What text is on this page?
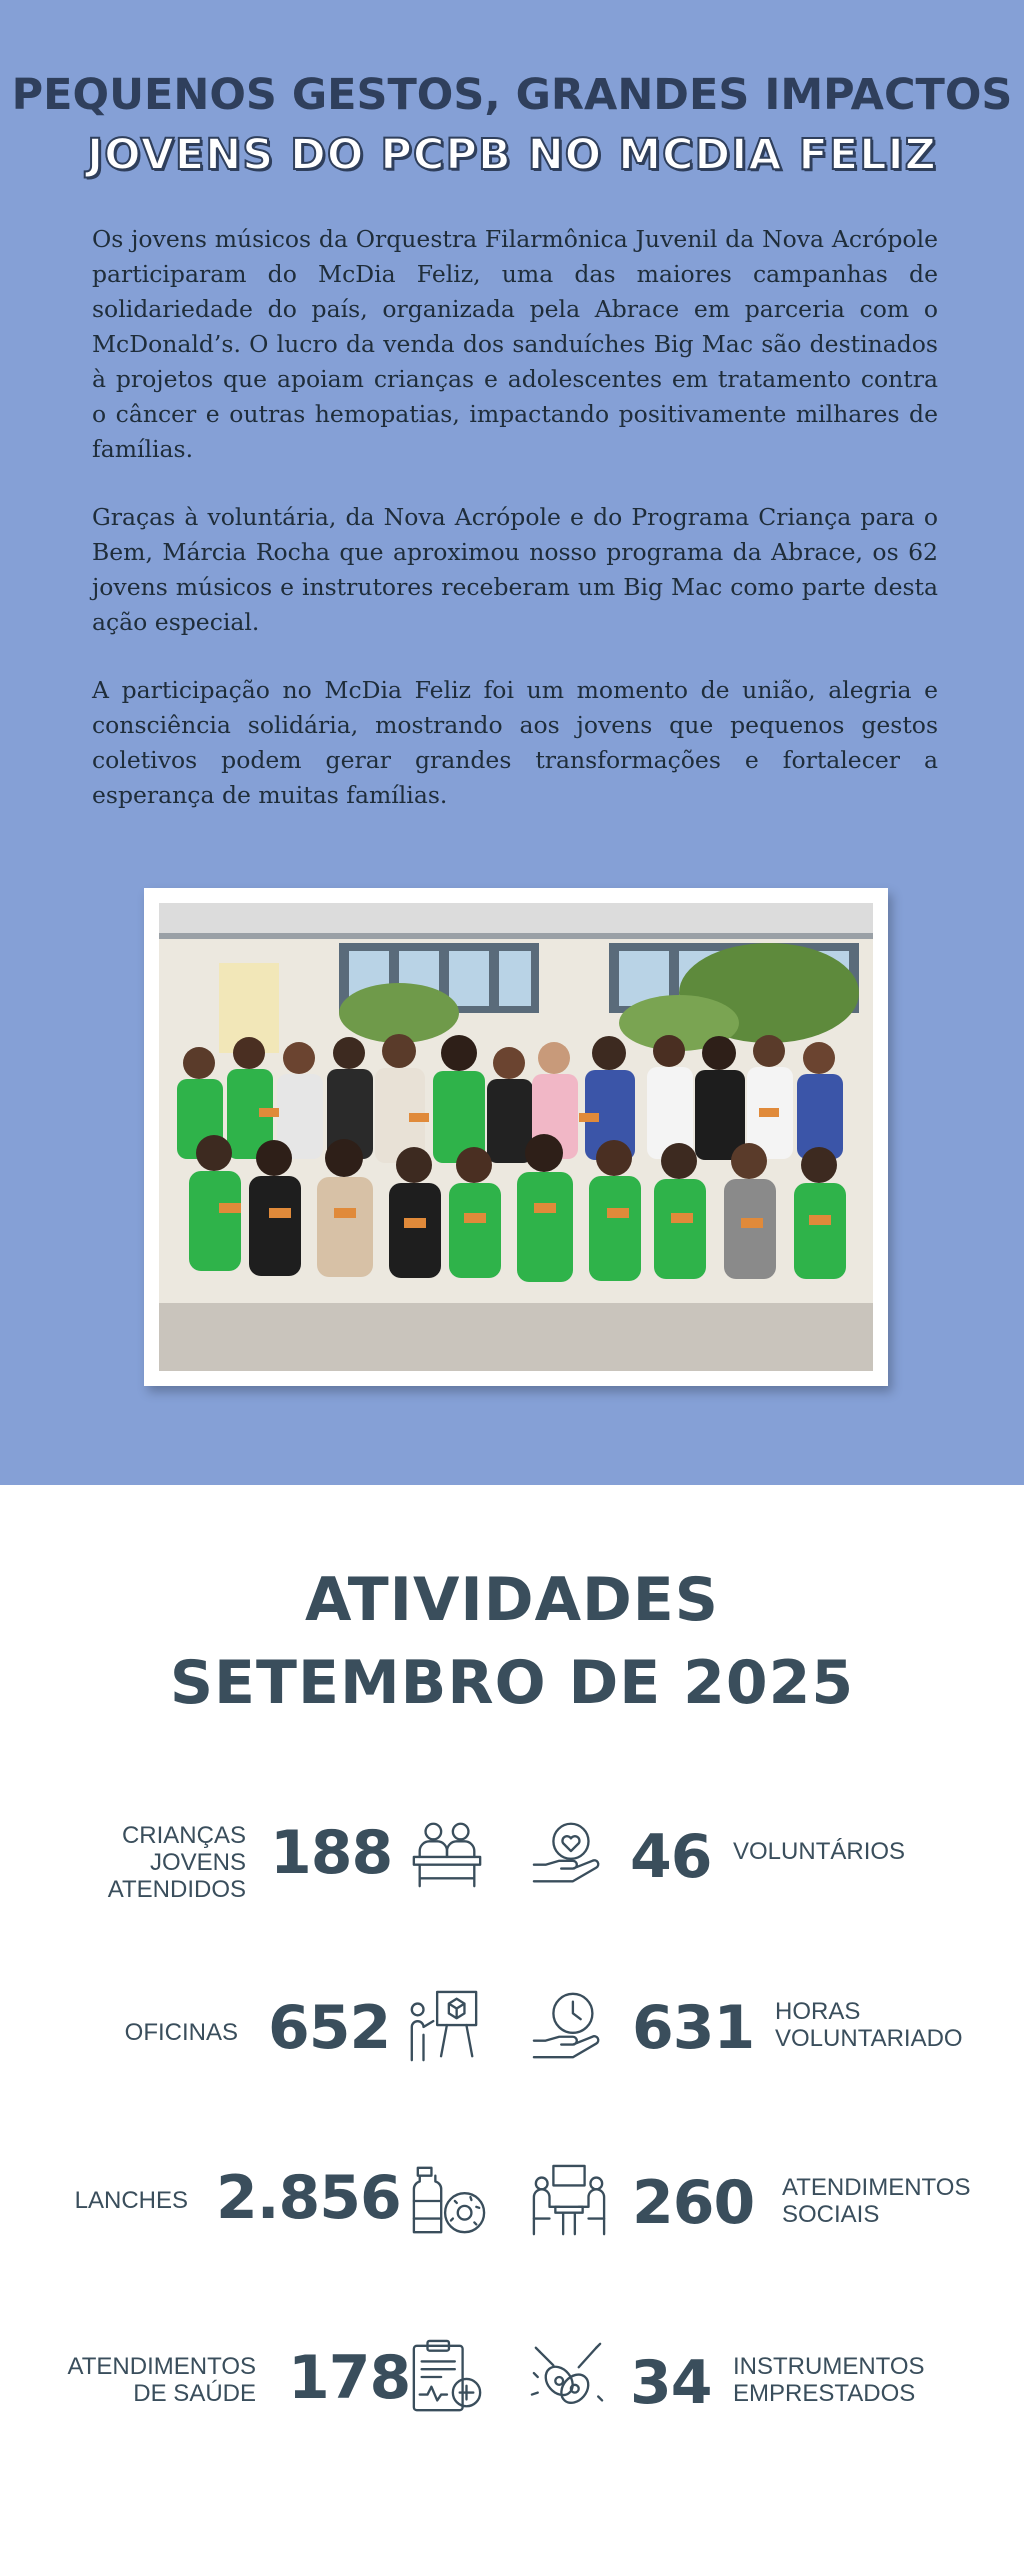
PEQUENOS GESTOS, GRANDES IMPACTOS
JOVENS DO PCPB NO MCDIA FELIZ

Os jovens músicos da Orquestra Filarmônica Juvenil da Nova Acrópole participaram do McDia Feliz, uma das maiores campanhas de solidariedade do país, organizada pela Abrace em parceria com o McDonald’s. O lucro da venda dos sanduíches Big Mac são destinados à projetos que apoiam crianças e adolescentes em tratamento contra o câncer e outras hemopatias, impactando positivamente milhares de famílias.

Graças à voluntária, da Nova Acrópole e do Programa Criança para o Bem, Márcia Rocha que aproximou nosso programa da Abrace, os 62 jovens músicos e instrutores receberam um Big Mac como parte desta ação especial.

A participação no McDia Feliz foi um momento de união, alegria e consciência solidária, mostrando aos jovens que pequenos gestos coletivos podem gerar grandes transformações e fortalecer a esperança de muitas famílias.

ATIVIDADES
SETEMBRO DE 2025
CRIANÇAS JOVENS
ATENDIDOS
188	46 VOLUNTÁRIOS
OFICINAS 652	631 HORAS
VOLUNTARIADO
LANCHES 2.856	260 ATENDIMENTOS
SOCIAIS
ATENDIMENTOS
DE SAÚDE 178	34 INSTRUMENTOS
EMPRESTADOS
